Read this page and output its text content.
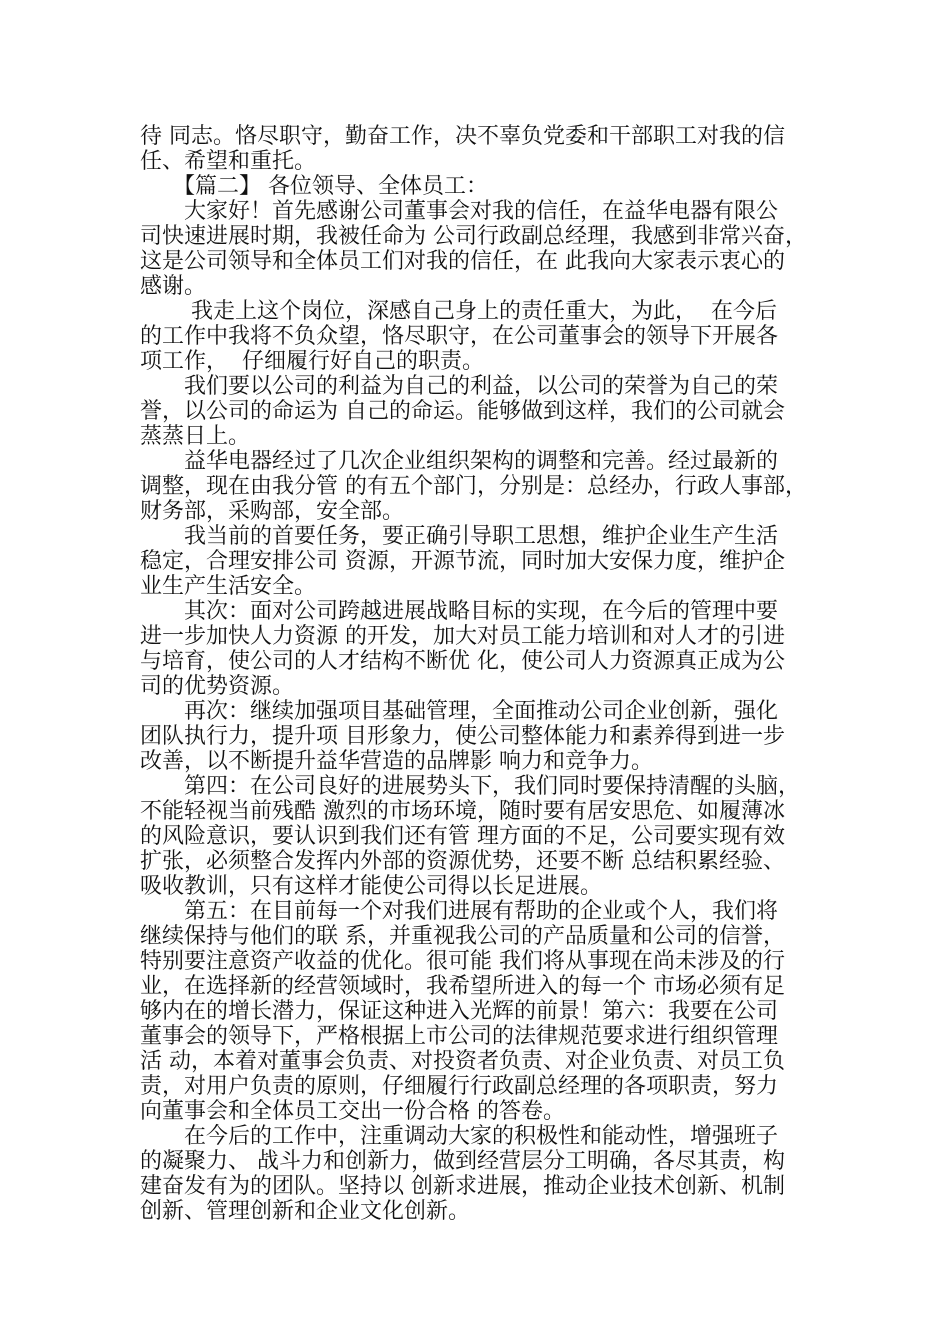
待 同志。恪尽职守，勤奋工作，决不辜负党委和干部职工对我的信
任、希望和重托。
　　【篇二】 各位领导、全体员工：
　　大家好！首先感谢公司董事会对我的信任，在益华电器有限公
司快速进展时期，我被任命为 公司行政副总经理，我感到非常兴奋，
这是公司领导和全体员工们对我的信任，在 此我向大家表示衷心的
感谢。
　　 我走上这个岗位，深感自己身上的责任重大，为此，  在今后
的工作中我将不负众望，恪尽职守，在公司董事会的领导下开展各
项工作，  仔细履行好自己的职责。
　　我们要以公司的利益为自己的利益，以公司的荣誉为自己的荣
誉，以公司的命运为 自己的命运。能够做到这样，我们的公司就会
蒸蒸日上。
　　益华电器经过了几次企业组织架构的调整和完善。经过最新的
调整，现在由我分管 的有五个部门，分别是：总经办，行政人事部，
财务部，采购部，安全部。
　　我当前的首要任务，要正确引导职工思想，维护企业生产生活
稳定，合理安排公司 资源，开源节流，同时加大安保力度，维护企
业生产生活安全。
　　其次：面对公司跨越进展战略目标的实现，在今后的管理中要
进一步加快人力资源 的开发，加大对员工能力培训和对人才的引进
与培育，使公司的人才结构不断优 化，使公司人力资源真正成为公
司的优势资源。
　　再次：继续加强项目基础管理，全面推动公司企业创新，强化
团队执行力，提升项 目形象力，使公司整体能力和素养得到进一步
改善，以不断提升益华营造的品牌影 响力和竞争力。
　　第四：在公司良好的进展势头下，我们同时要保持清醒的头脑，
不能轻视当前残酷 激烈的市场环境，随时要有居安思危、如履薄冰
的风险意识，要认识到我们还有管 理方面的不足，公司要实现有效
扩张，必须整合发挥内外部的资源优势，还要不断 总结积累经验、
吸收教训，只有这样才能使公司得以长足进展。
　　第五：在目前每一个对我们进展有帮助的企业或个人，我们将
继续保持与他们的联 系，并重视我公司的产品质量和公司的信誉，
特别要注意资产收益的优化。很可能 我们将从事现在尚未涉及的行
业，在选择新的经营领域时，我希望所进入的每一个 市场必须有足
够内在的增长潜力，保证这种进入光辉的前景！第六：我要在公司
董事会的领导下，严格根据上市公司的法律规范要求进行组织管理
活 动，本着对董事会负责、对投资者负责、对企业负责、对员工负
责，对用户负责的原则，仔细履行行政副总经理的各项职责，努力
向董事会和全体员工交出一份合格 的答卷。
　　在今后的工作中，注重调动大家的积极性和能动性，增强班子
的凝聚力、 战斗力和创新力，做到经营层分工明确，各尽其责，构
建奋发有为的团队。坚持以 创新求进展，推动企业技术创新、机制
创新、管理创新和企业文化创新。
